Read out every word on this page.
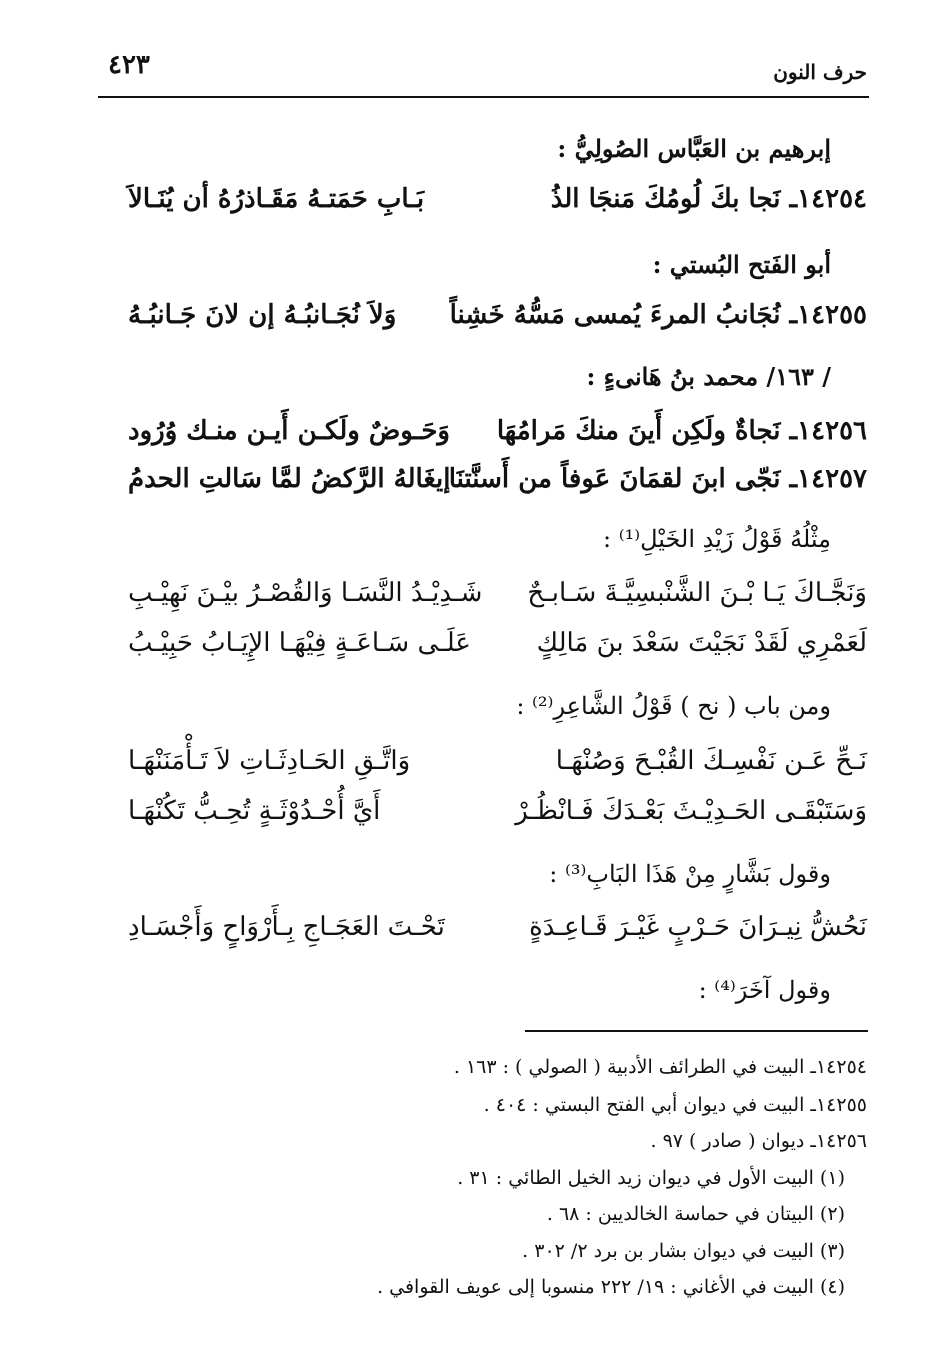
حرف النون
٤٢٣
إبرهيم بن العَبَّاس الصُولِيُّ :
١٤٢٥٤ـ نَجا بكَ لُومُكَ مَنجَا الذُ
بَـابِ حَمَتـهُ مَقَـاذرُهُ أن يُنَـالاَ
أبو الفَتح البُستي :
١٤٢٥٥ـ نُجَانبُ المرءَ يُمسى مَسُّهُ خَشِناً
وَلاَ نُجَـانبُـهُ إن لانَ جَـانبُـهُ
/ ١٦٣/ محمد بنُ هَانىءٍ :
١٤٢٥٦ـ نَجاةٌ ولَكِن أَينَ منكَ مَرامُهَا
وَحَـوضٌ ولَكـن أَيـن منـك وُرُود
١٤٢٥٧ـ نَجّى ابنَ لقمَانَ عَوفاً من أَسنَّتنَا
إيغَالهُ الرَّكضُ لمَّا سَالتِ الحدمُ
مِثْلُهُ قَوْلُ زَيْدِ الخَيْلِ⁽¹⁾ :
وَنَجَّـاكَ يَـا بْـنَ الشَّنْبسِيَّـةَ سَـابـحٌ
شَـدِيْـدُ النَّسَـا وَالقُصْـرُ بيْـنَ نَهِيْـبِ
لَعَمْرِي لَقَدْ نَجَيْتَ سَعْدَ بنَ مَالِكٍ
عَلَـى سَـاعَـةٍ فِيْهَـا الإِيَـابُ حَبِيْـبُ
ومن باب ( نح ) قَوْلُ الشَّاعِرِ⁽²⁾ :
نَـحِّ عَـن نَفْسِـكَ القُبْـحَ وَصُنْهَـا
وَاتَّـقِ الحَـادِثَـاتِ لاَ تَـأْمَنَنْهَـا
وَسَتَبْقَـى الحَـدِيْـثَ بَعْـدَكَ فَـانْظُـرْ
أَيَّ أُحْـدُوْثَـةٍ تُحِـبُّ تَكُنْهَـا
وقول بَشَّارٍ مِنْ هَذَا البَابِ⁽³⁾ :
نَحُشُّ نِيـرَانَ حَـرْبٍ غَيْـرَ قَـاعِـدَةٍ
تَحْـتَ العَجَـاجِ بِـأَرْوَاحٍ وَأَجْسَـادِ
وقول آخَرَ⁽⁴⁾ :
١٤٢٥٤ـ البيت في الطرائف الأدبية ( الصولي ) : ١٦٣ .
١٤٢٥٥ـ البيت في ديوان أبي الفتح البستي : ٤٠٤ .
١٤٢٥٦ـ ديوان ( صادر ) ٩٧ .
(١) البيت الأول في ديوان زيد الخيل الطائي : ٣١ .
(٢) البيتان في حماسة الخالديين : ٦٨ .
(٣) البيت في ديوان بشار بن برد ٢/ ٣٠٢ .
(٤) البيت في الأغاني : ١٩/ ٢٢٢ منسوبا إلى عويف القوافي .
